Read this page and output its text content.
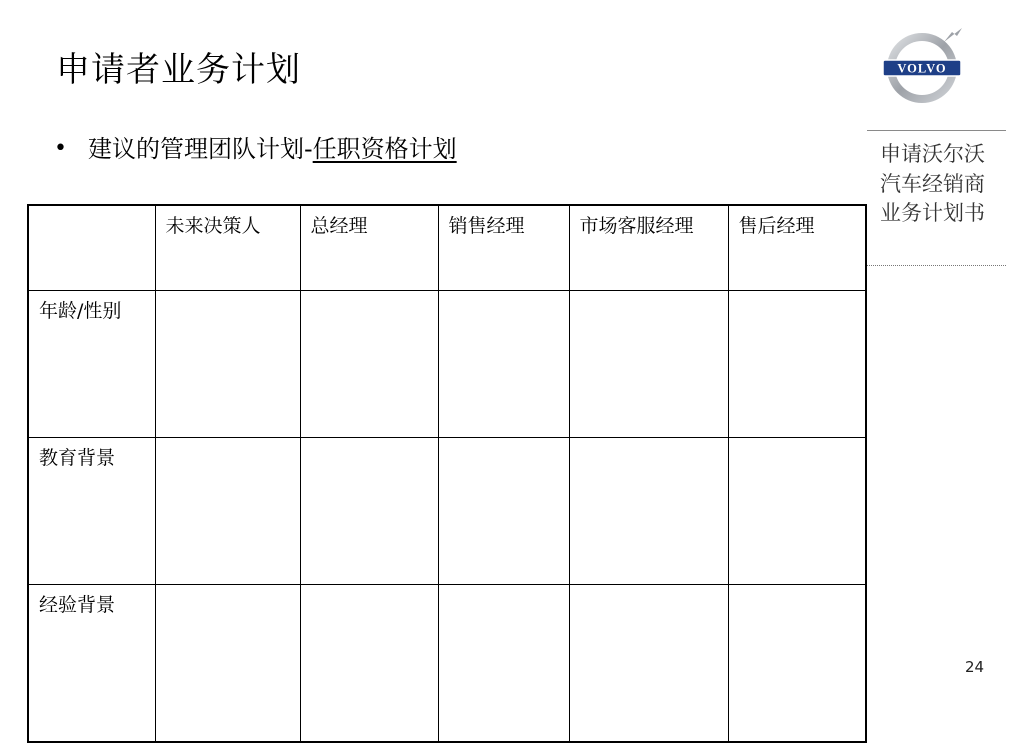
申请者业务计划
• 建议的管理团队计划- 任职资格计划
VOLVO
申请沃尔沃汽车经销商业务计划书
	未来决策人	总经理	销售经理	市场客服经理	售后经理
年龄/性别					
教育背景					
经验背景					
24
